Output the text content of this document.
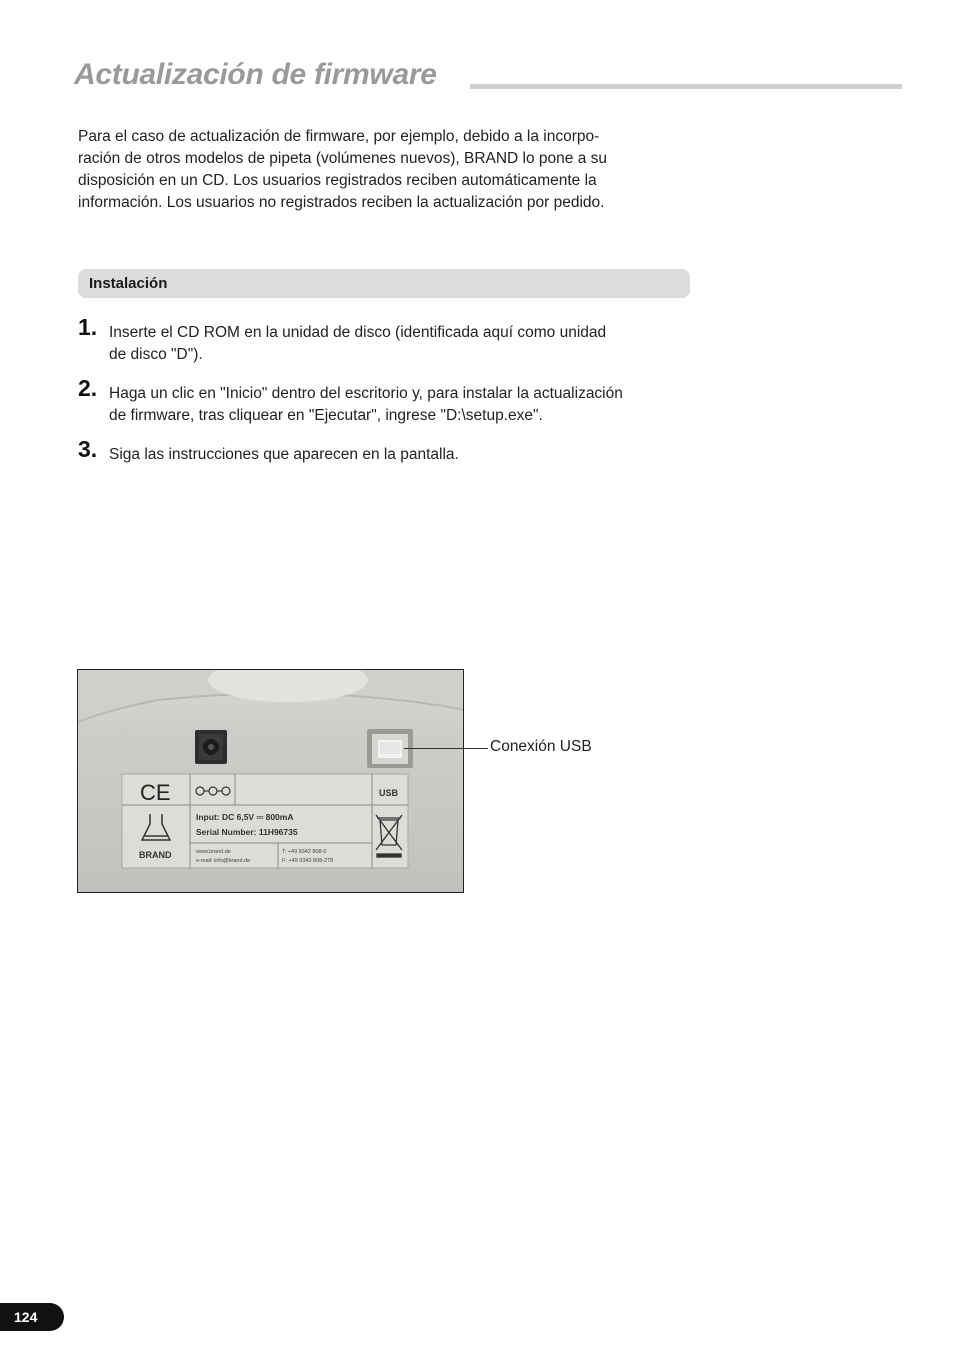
Actualización de firmware
Para el caso de actualización de firmware, por ejemplo, debido a la incorpo-
ración de otros modelos de pipeta (volúmenes nuevos), BRAND lo pone a su
disposición en un CD. Los usuarios registrados reciben automáticamente la
información. Los usuarios no registrados reciben la actualización por pedido.
Instalación
1. Inserte el CD ROM en la unidad de disco (identificada aquí como unidad
de disco "D").
2. Haga un clic en "Inicio" dentro del escritorio y, para instalar la actualización
de firmware, tras cliquear en "Ejecutar", ingrese "D:\setup.exe".
3. Siga las instrucciones que aparecen en la pantalla.
CE	USB
BRAND
Input: DC 6,5V ⎓ 800mA
Serial Number: 11H96735
www.brand.de
e-mail: info@brand.de
T: +49 9342 808-0
F: +49 9342 808-278
Conexión USB
124
